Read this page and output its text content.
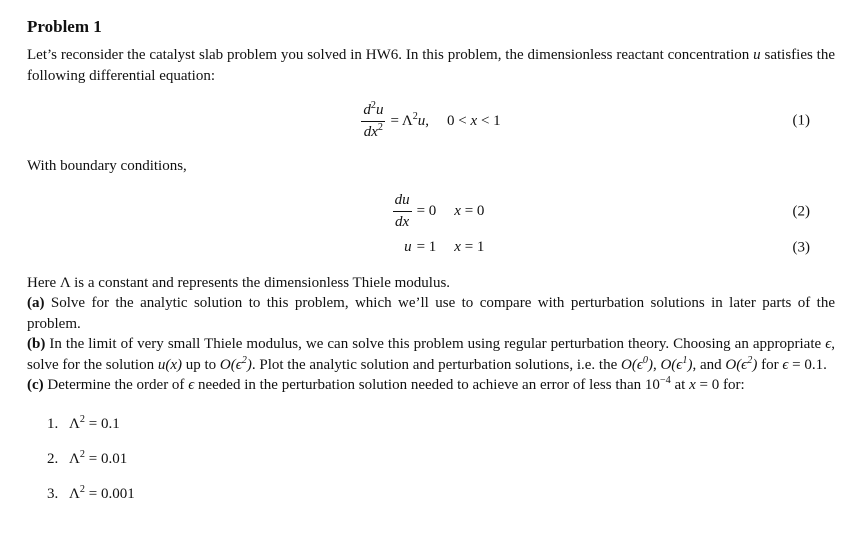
Problem 1

Let’s reconsider the catalyst slab problem you solved in HW6. In this problem, the dimensionless reactant concentration u satisfies the following differential equation:

$\frac{d^2u}{dx^2} = \Lambda^2u$, 0 < x < 1	(1)

With boundary conditions,

$\frac{du}{dx} = 0$ x = 0	(2)
u = 1 x = 1	(3)

Here Λ is a constant and represents the dimensionless Thiele modulus.

(a) Solve for the analytic solution to this problem, which we’ll use to compare with perturbation solutions in later parts of the problem.

(b) In the limit of very small Thiele modulus, we can solve this problem using regular perturbation theory. Choosing an appropriate ϵ, solve for the solution u(x) up to $O(\epsilon^2)$. Plot the analytic solution and perturbation solutions, i.e. the $O(\epsilon^0)$, $O(\epsilon^1)$, and $O(\epsilon^2)$ for ϵ = 0.1.

(c) Determine the order of ϵ needed in the perturbation solution needed to achieve an error of less than $10^{-4}$ at x = 0 for:

1. $\Lambda^2 = 0.1$
2. $\Lambda^2 = 0.01$
3. $\Lambda^2 = 0.001$
